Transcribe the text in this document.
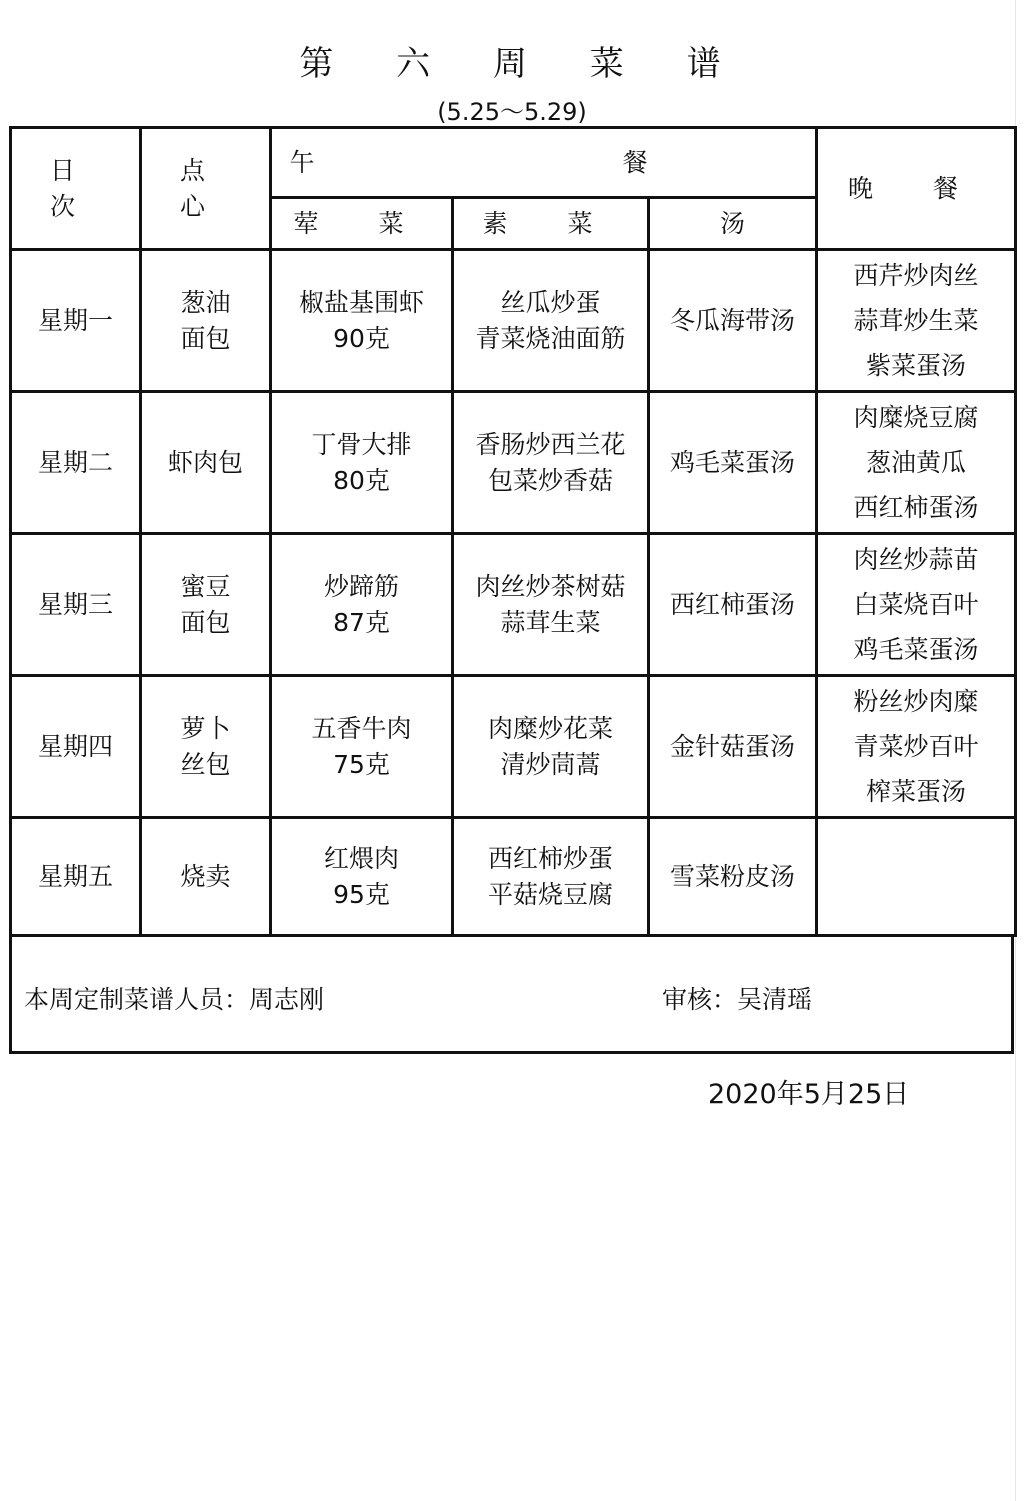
第 六 周 菜 谱
(5.25～5.29)
日 次	点 心	午 餐			晚 餐
		荤 菜	素 菜	汤	
星期一	葱油
面包	椒盐基围虾
90克	丝瓜炒蛋
青菜烧油面筋	冬瓜海带汤	西芹炒肉丝
蒜茸炒生菜
紫菜蛋汤

星期二	虾肉包	丁骨大排
80克	香肠炒西兰花
包菜炒香菇	鸡毛菜蛋汤	肉糜烧豆腐
葱油黄瓜
西红柿蛋汤

星期三	蜜豆
面包	炒蹄筋
87克	肉丝炒茶树菇
蒜茸生菜	西红柿蛋汤	肉丝炒蒜苗
白菜烧百叶
鸡毛菜蛋汤

星期四	萝卜
丝包	五香牛肉
75克	肉糜炒花菜
清炒茼蒿	金针菇蛋汤	粉丝炒肉糜
青菜炒百叶
榨菜蛋汤

星期五	烧卖	红煨肉
95克	西红柿炒蛋
平菇烧豆腐	雪菜粉皮汤	
本周定制菜谱人员：周志刚	审核：吴清瑶
2020年5月25日
